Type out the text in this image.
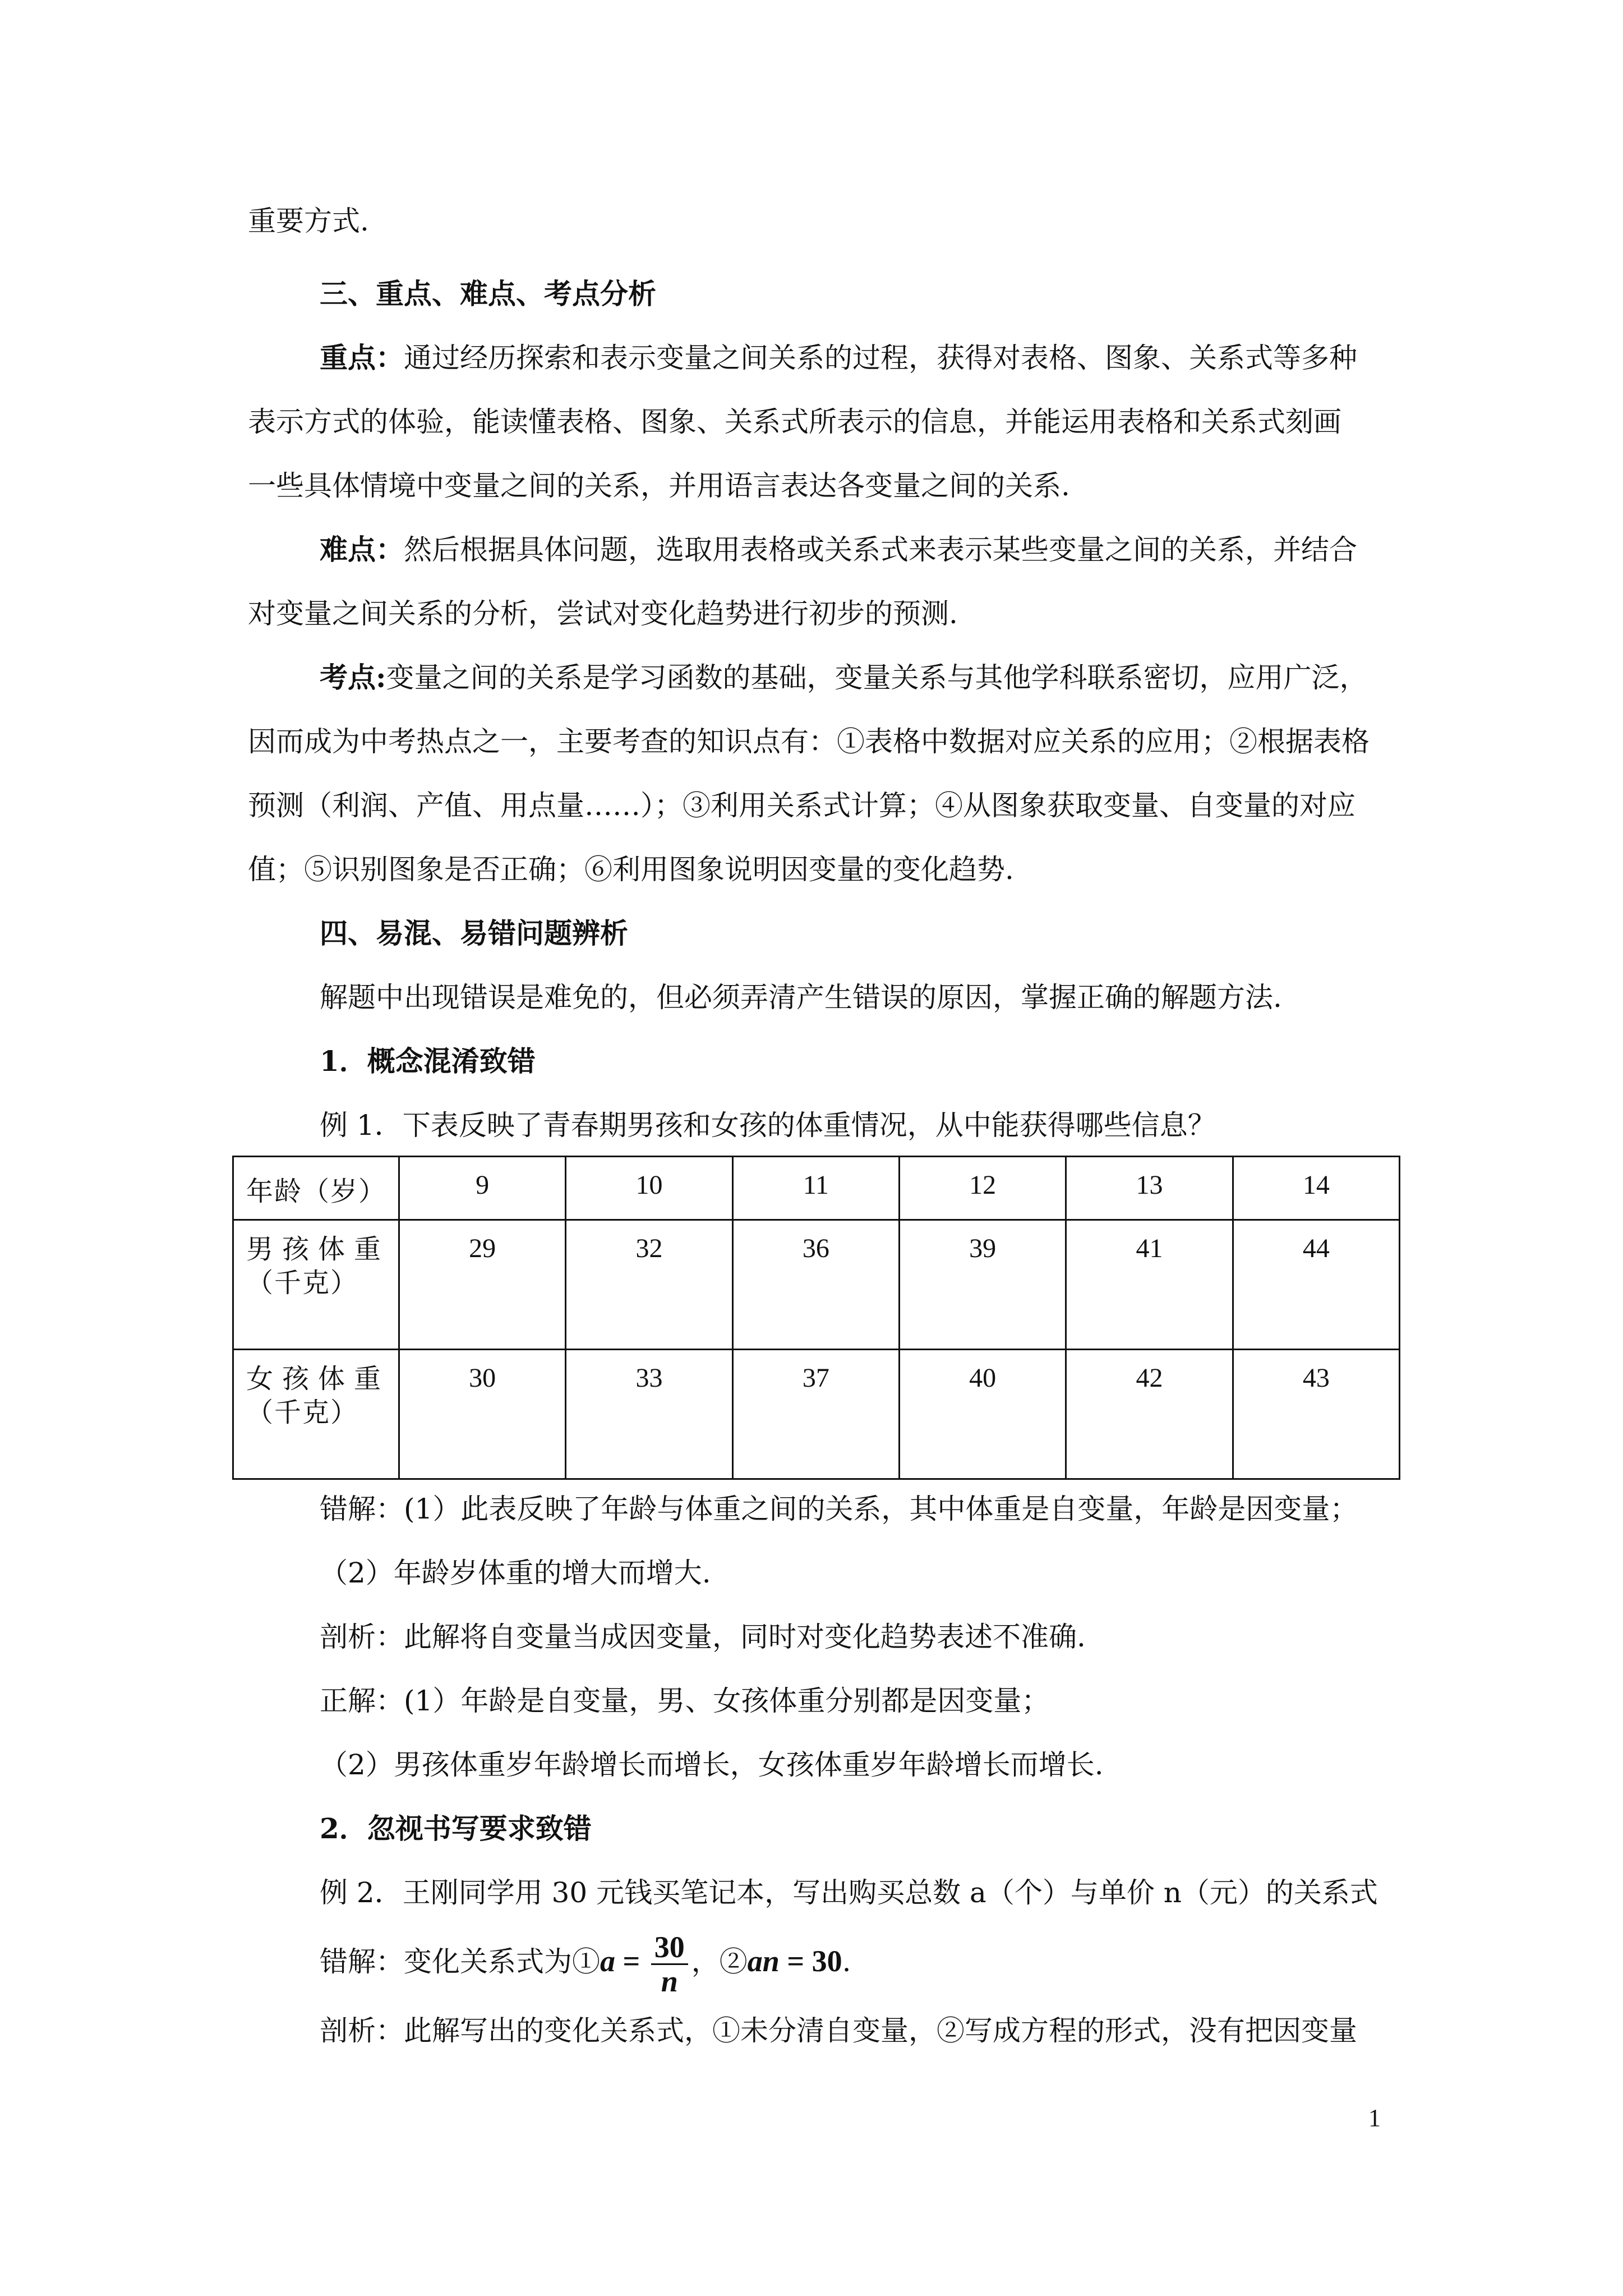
重要方式.
三、重点、难点、考点分析
重点：通过经历探索和表示变量之间关系的过程，获得对表格、图象、关系式等多种
表示方式的体验，能读懂表格、图象、关系式所表示的信息，并能运用表格和关系式刻画
一些具体情境中变量之间的关系，并用语言表达各变量之间的关系.
难点：然后根据具体问题，选取用表格或关系式来表示某些变量之间的关系，并结合
对变量之间关系的分析，尝试对变化趋势进行初步的预测.
考点:变量之间的关系是学习函数的基础，变量关系与其他学科联系密切，应用广泛，
因而成为中考热点之一，主要考查的知识点有：①表格中数据对应关系的应用；②根据表格
预测（利润、产值、用点量……）；③利用关系式计算；④从图象获取变量、自变量的对应
值；⑤识别图象是否正确；⑥利用图象说明因变量的变化趋势.
四、易混、易错问题辨析
解题中出现错误是难免的，但必须弄清产生错误的原因，掌握正确的解题方法.
1．概念混淆致错
例 1．下表反映了青春期男孩和女孩的体重情况，从中能获得哪些信息？
年龄（岁）	9	10	11	12	13	14

男 孩 体 重
（千克）	29	32	36	39	41	44

女 孩 体 重
（千克）	30	33	37	40	42	43
错解：(1）此表反映了年龄与体重之间的关系，其中体重是自变量，年龄是因变量；
（2）年龄岁体重的增大而增大.
剖析：此解将自变量当成因变量，同时对变化趋势表述不准确.
正解：(1）年龄是自变量，男、女孩体重分别都是因变量；
（2）男孩体重岁年龄增长而增长，女孩体重岁年龄增长而增长.
2．忽视书写要求致错
例 2．王刚同学用 30 元钱买笔记本，写出购买总数 a（个）与单价 n（元）的关系式
错解：变化关系式为①a = $\frac{30}{n}$ ，②an = 30.
剖析：此解写出的变化关系式，①未分清自变量，②写成方程的形式，没有把因变量
1
